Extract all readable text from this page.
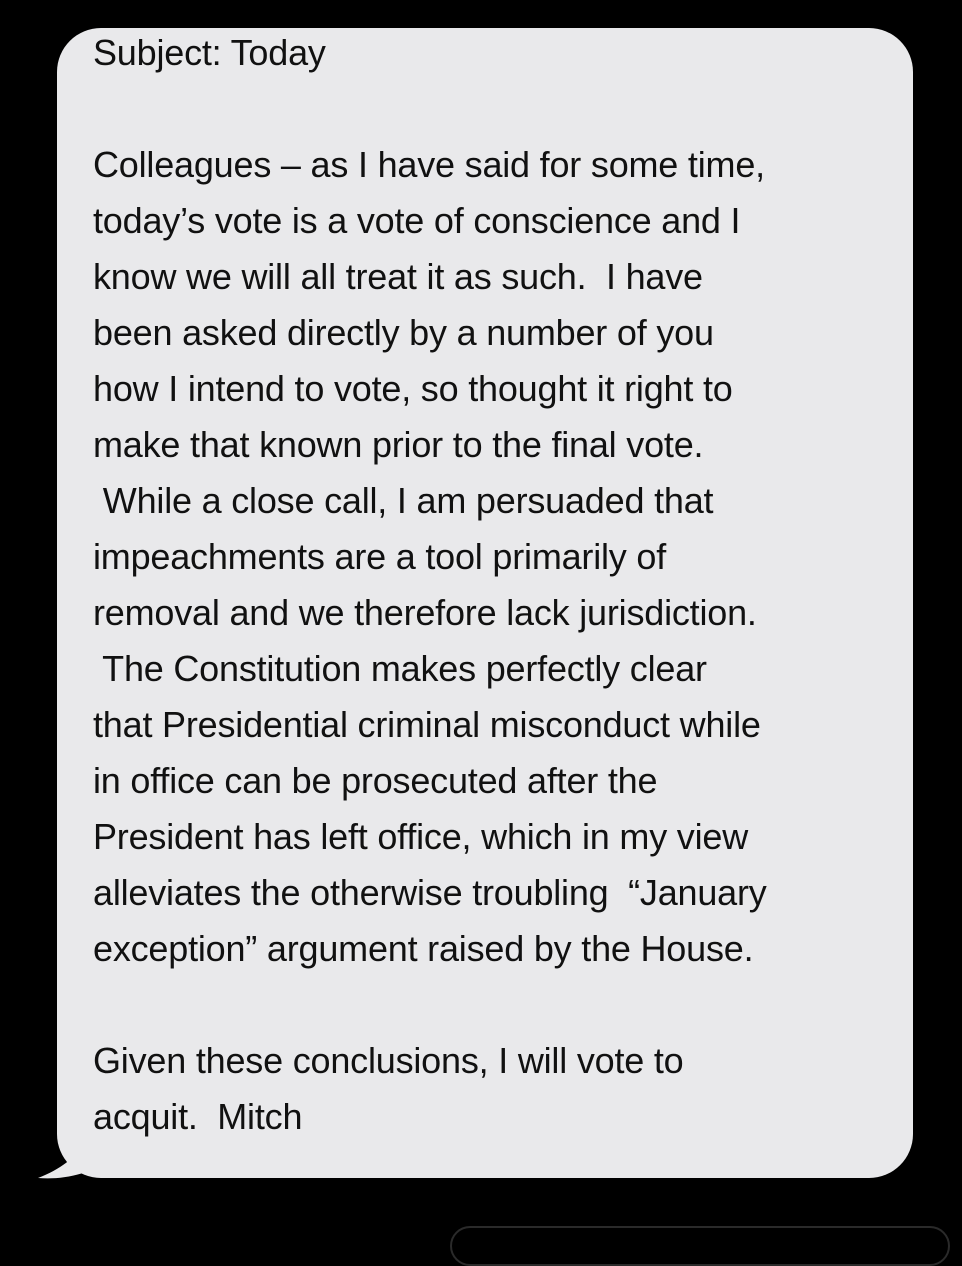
Subject: Today
Colleagues – as I have said for some time,
today’s vote is a vote of conscience and I
know we will all treat it as such.  I have
been asked directly by a number of you
how I intend to vote, so thought it right to
make that known prior to the final vote.
While a close call, I am persuaded that
impeachments are a tool primarily of
removal and we therefore lack jurisdiction.
The Constitution makes perfectly clear
that Presidential criminal misconduct while
in office can be prosecuted after the
President has left office, which in my view
alleviates the otherwise troubling  “January
exception” argument raised by the House.
Given these conclusions, I will vote to
acquit.  Mitch
